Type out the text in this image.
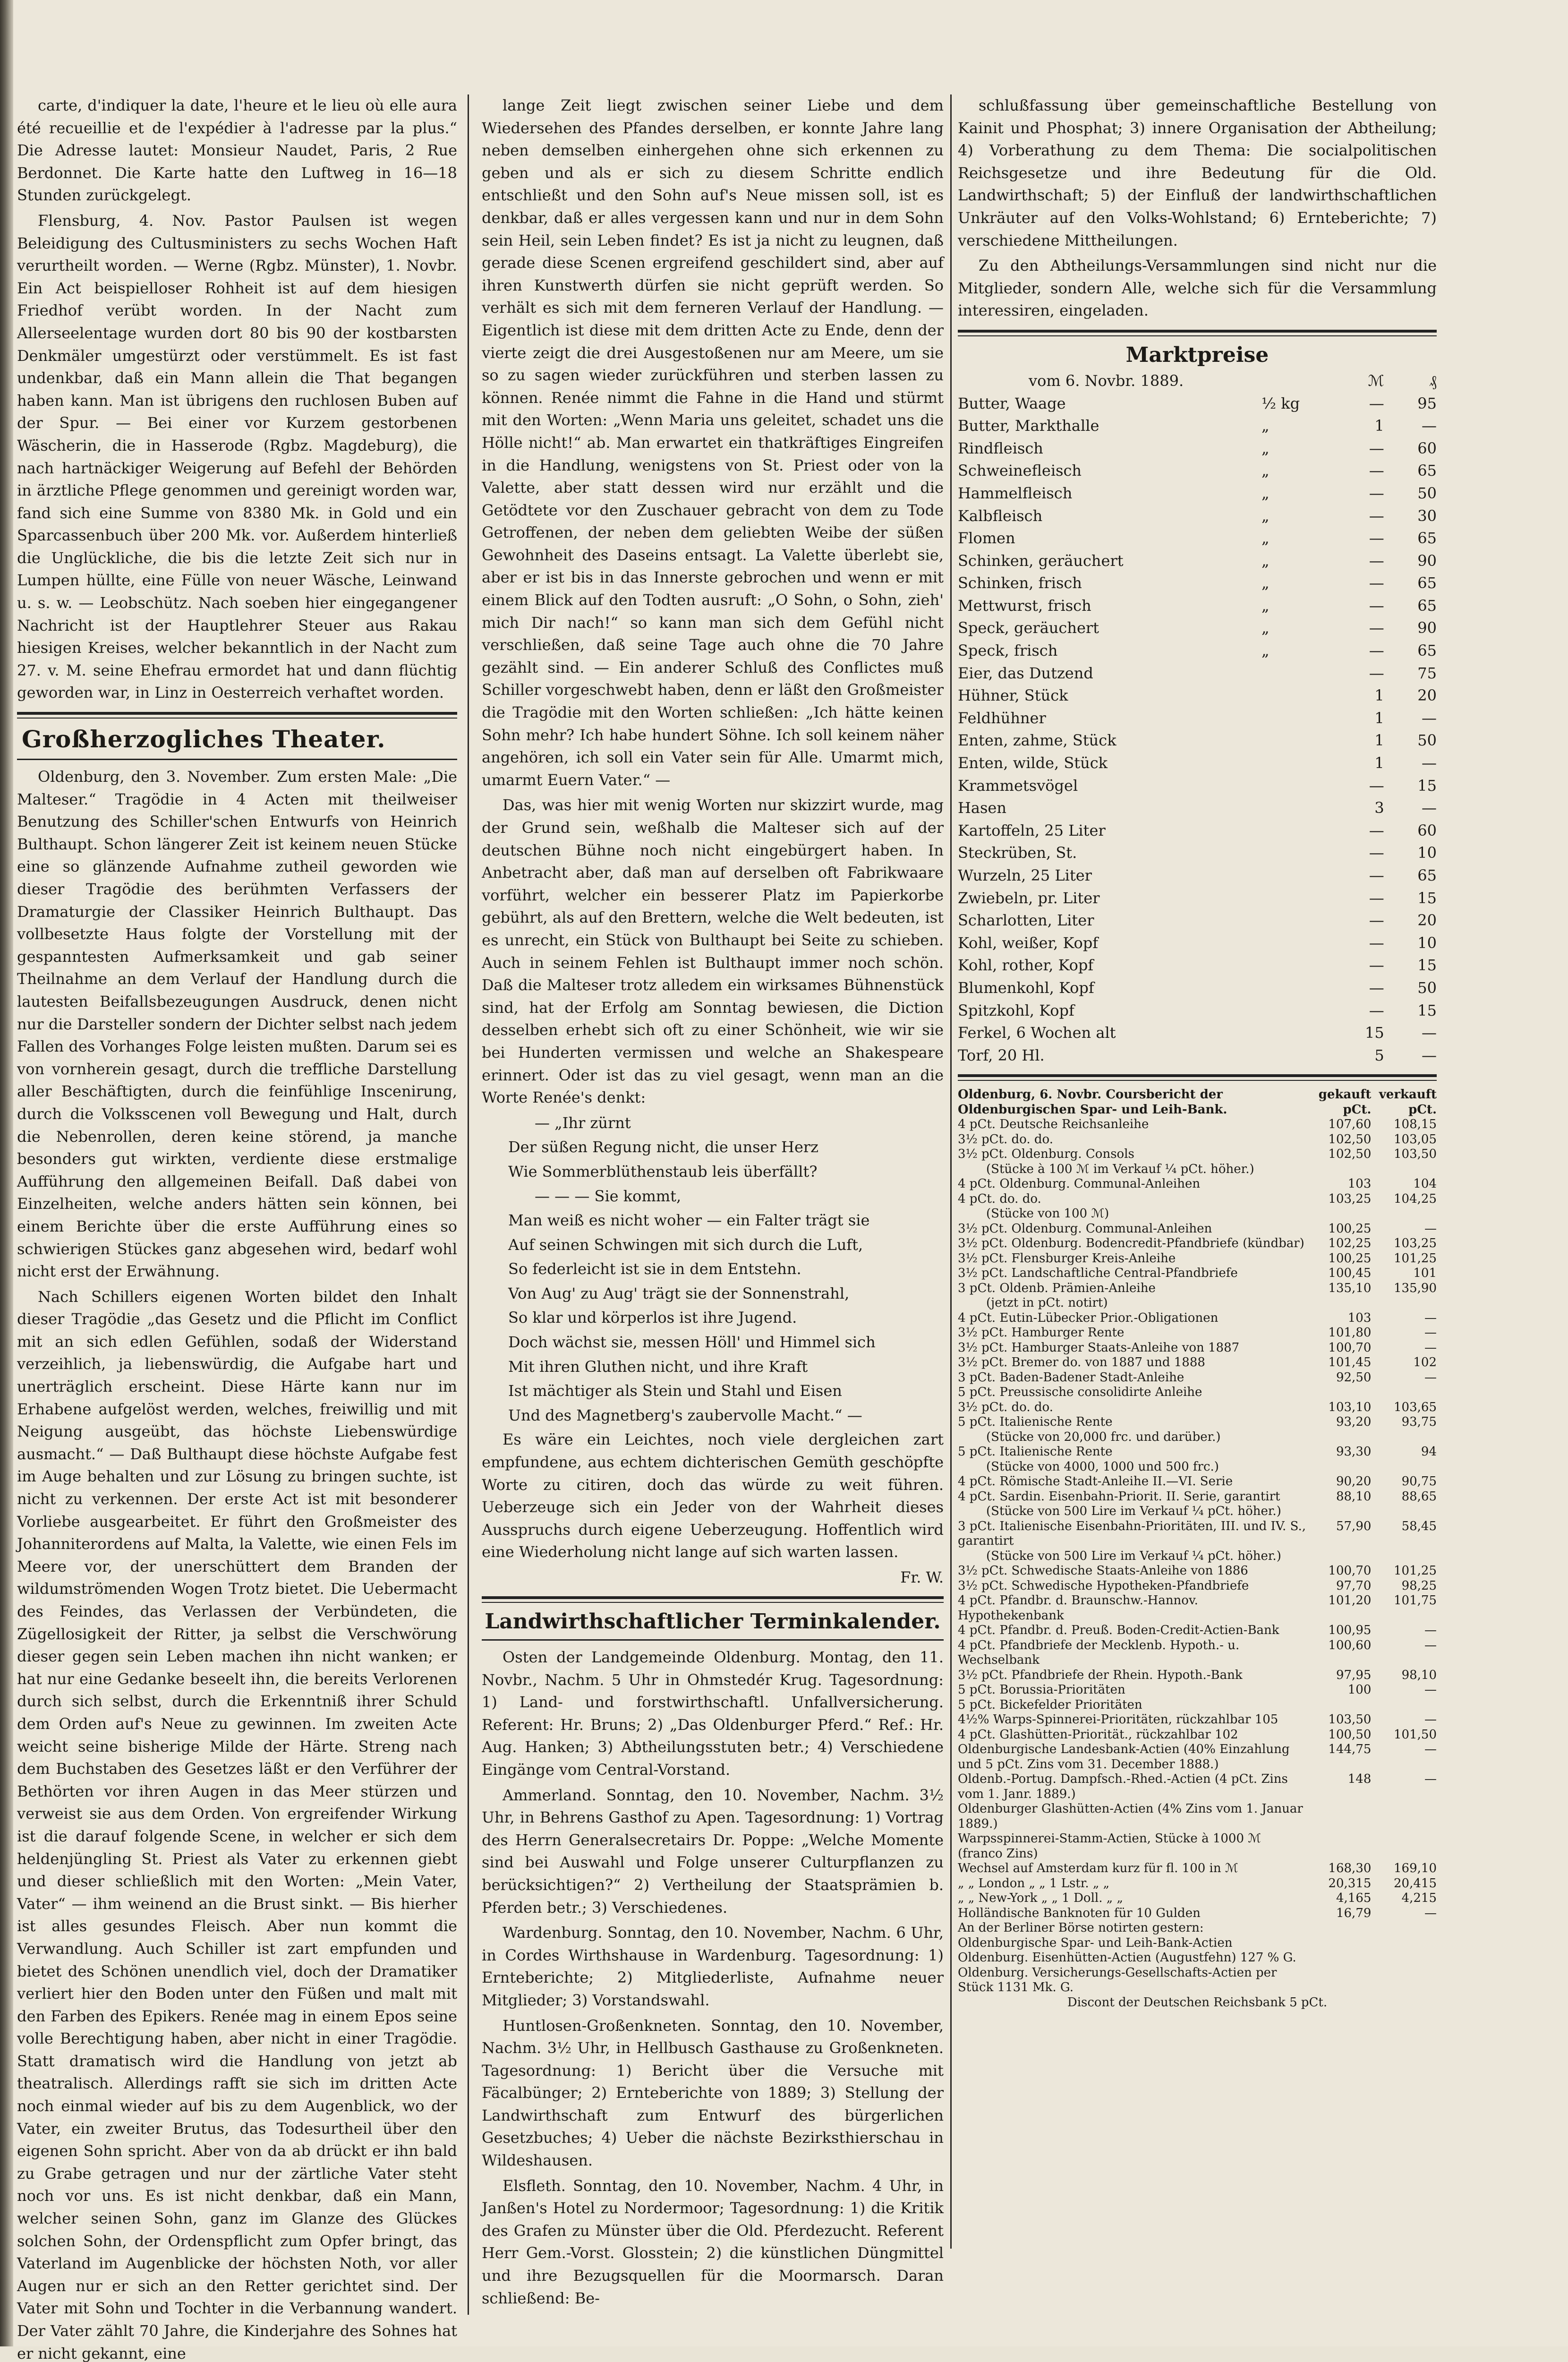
carte, d'indiquer la date, l'heure et le lieu où elle aura été recueillie et de l'expédier à l'adresse par la plus.“ Die Adresse lautet: Monsieur Naudet, Paris, 2 Rue Berdonnet. Die Karte hatte den Luftweg in 16—18 Stunden zurückgelegt.

Flensburg, 4. Nov. Pastor Paulsen ist wegen Beleidigung des Cultusministers zu sechs Wochen Haft verurtheilt worden. — Werne (Rgbz. Münster), 1. Novbr. Ein Act beispielloser Rohheit ist auf dem hiesigen Friedhof verübt worden. In der Nacht zum Allerseelentage wurden dort 80 bis 90 der kostbarsten Denkmäler umgestürzt oder verstümmelt. Es ist fast undenkbar, daß ein Mann allein die That begangen haben kann. Man ist übrigens den ruchlosen Buben auf der Spur. — Bei einer vor Kurzem gestorbenen Wäscherin, die in Hasserode (Rgbz. Magdeburg), die nach hartnäckiger Weigerung auf Befehl der Behörden in ärztliche Pflege genommen und gereinigt worden war, fand sich eine Summe von 8380 Mk. in Gold und ein Sparcassenbuch über 200 Mk. vor. Außerdem hinterließ die Unglückliche, die bis die letzte Zeit sich nur in Lumpen hüllte, eine Fülle von neuer Wäsche, Leinwand u. s. w. — Leobschütz. Nach soeben hier eingegangener Nachricht ist der Hauptlehrer Steuer aus Rakau hiesigen Kreises, welcher bekanntlich in der Nacht zum 27. v. M. seine Ehefrau ermordet hat und dann flüchtig geworden war, in Linz in Oesterreich verhaftet worden.

Großherzogliches Theater.

Oldenburg, den 3. November. Zum ersten Male: „Die Malteser.“ Tragödie in 4 Acten mit theilweiser Benutzung des Schiller'schen Entwurfs von Heinrich Bulthaupt. Schon längerer Zeit ist keinem neuen Stücke eine so glänzende Aufnahme zutheil geworden wie dieser Tragödie des berühmten Verfassers der Dramaturgie der Classiker Heinrich Bulthaupt. Das vollbesetzte Haus folgte der Vorstellung mit der gespanntesten Aufmerksamkeit und gab seiner Theilnahme an dem Verlauf der Handlung durch die lautesten Beifallsbezeugungen Ausdruck, denen nicht nur die Darsteller sondern der Dichter selbst nach jedem Fallen des Vorhanges Folge leisten mußten. Darum sei es von vornherein gesagt, durch die treffliche Darstellung aller Beschäftigten, durch die feinfühlige Inscenirung, durch die Volksscenen voll Bewegung und Halt, durch die Nebenrollen, deren keine störend, ja manche besonders gut wirkten, verdiente diese erstmalige Aufführung den allgemeinen Beifall. Daß dabei von Einzelheiten, welche anders hätten sein können, bei einem Berichte über die erste Aufführung eines so schwierigen Stückes ganz abgesehen wird, bedarf wohl nicht erst der Erwähnung.

Nach Schillers eigenen Worten bildet den Inhalt dieser Tragödie „das Gesetz und die Pflicht im Conflict mit an sich edlen Gefühlen, sodaß der Widerstand verzeihlich, ja liebenswürdig, die Aufgabe hart und unerträglich erscheint. Diese Härte kann nur im Erhabene aufgelöst werden, welches, freiwillig und mit Neigung ausgeübt, das höchste Liebenswürdige ausmacht.“ — Daß Bulthaupt diese höchste Aufgabe fest im Auge behalten und zur Lösung zu bringen suchte, ist nicht zu verkennen. Der erste Act ist mit besonderer Vorliebe ausgearbeitet. Er führt den Großmeister des Johanniterordens auf Malta, la Valette, wie einen Fels im Meere vor, der unerschüttert dem Branden der wildumströmenden Wogen Trotz bietet. Die Uebermacht des Feindes, das Verlassen der Verbündeten, die Zügellosigkeit der Ritter, ja selbst die Verschwörung dieser gegen sein Leben machen ihn nicht wanken; er hat nur eine Gedanke beseelt ihn, die bereits Verlorenen durch sich selbst, durch die Erkenntniß ihrer Schuld dem Orden auf's Neue zu gewinnen. Im zweiten Acte weicht seine bisherige Milde der Härte. Streng nach dem Buchstaben des Gesetzes läßt er den Verführer der Bethörten vor ihren Augen in das Meer stürzen und verweist sie aus dem Orden. Von ergreifender Wirkung ist die darauf folgende Scene, in welcher er sich dem heldenjüngling St. Priest als Vater zu erkennen giebt und dieser schließlich mit den Worten: „Mein Vater, Vater“ — ihm weinend an die Brust sinkt. — Bis hierher ist alles gesundes Fleisch. Aber nun kommt die Verwandlung. Auch Schiller ist zart empfunden und bietet des Schönen unendlich viel, doch der Dramatiker verliert hier den Boden unter den Füßen und malt mit den Farben des Epikers. Renée mag in einem Epos seine volle Berechtigung haben, aber nicht in einer Tragödie. Statt dramatisch wird die Handlung von jetzt ab theatralisch. Allerdings rafft sie sich im dritten Acte noch einmal wieder auf bis zu dem Augenblick, wo der Vater, ein zweiter Brutus, das Todesurtheil über den eigenen Sohn spricht. Aber von da ab drückt er ihn bald zu Grabe getragen und nur der zärtliche Vater steht noch vor uns. Es ist nicht denkbar, daß ein Mann, welcher seinen Sohn, ganz im Glanze des Glückes solchen Sohn, der Ordenspflicht zum Opfer bringt, das Vaterland im Augenblicke der höchsten Noth, vor aller Augen nur er sich an den Retter gerichtet sind. Der Vater mit Sohn und Tochter in die Verbannung wandert. Der Vater zählt 70 Jahre, die Kinderjahre des Sohnes hat er nicht gekannt, eine

lange Zeit liegt zwischen seiner Liebe und dem Wiedersehen des Pfandes derselben, er konnte Jahre lang neben demselben einhergehen ohne sich erkennen zu geben und als er sich zu diesem Schritte endlich entschließt und den Sohn auf's Neue missen soll, ist es denkbar, daß er alles vergessen kann und nur in dem Sohn sein Heil, sein Leben findet? Es ist ja nicht zu leugnen, daß gerade diese Scenen ergreifend geschildert sind, aber auf ihren Kunstwerth dürfen sie nicht geprüft werden. So verhält es sich mit dem ferneren Verlauf der Handlung. — Eigentlich ist diese mit dem dritten Acte zu Ende, denn der vierte zeigt die drei Ausgestoßenen nur am Meere, um sie so zu sagen wieder zurückführen und sterben lassen zu können. Renée nimmt die Fahne in die Hand und stürmt mit den Worten: „Wenn Maria uns geleitet, schadet uns die Hölle nicht!“ ab. Man erwartet ein thatkräftiges Eingreifen in die Handlung, wenigstens von St. Priest oder von la Valette, aber statt dessen wird nur erzählt und die Getödtete vor den Zuschauer gebracht von dem zu Tode Getroffenen, der neben dem geliebten Weibe der süßen Gewohnheit des Daseins entsagt. La Valette überlebt sie, aber er ist bis in das Innerste gebrochen und wenn er mit einem Blick auf den Todten ausruft: „O Sohn, o Sohn, zieh' mich Dir nach!“ so kann man sich dem Gefühl nicht verschließen, daß seine Tage auch ohne die 70 Jahre gezählt sind. — Ein anderer Schluß des Conflictes muß Schiller vorgeschwebt haben, denn er läßt den Großmeister die Tragödie mit den Worten schließen: „Ich hätte keinen Sohn mehr? Ich habe hundert Söhne. Ich soll keinem näher angehören, ich soll ein Vater sein für Alle. Umarmt mich, umarmt Euern Vater.“ —

Das, was hier mit wenig Worten nur skizzirt wurde, mag der Grund sein, weßhalb die Malteser sich auf der deutschen Bühne noch nicht eingebürgert haben. In Anbetracht aber, daß man auf derselben oft Fabrikwaare vorführt, welcher ein besserer Platz im Papierkorbe gebührt, als auf den Brettern, welche die Welt bedeuten, ist es unrecht, ein Stück von Bulthaupt bei Seite zu schieben. Auch in seinem Fehlen ist Bulthaupt immer noch schön. Daß die Malteser trotz alledem ein wirksames Bühnenstück sind, hat der Erfolg am Sonntag bewiesen, die Diction desselben erhebt sich oft zu einer Schönheit, wie wir sie bei Hunderten vermissen und welche an Shakespeare erinnert. Oder ist das zu viel gesagt, wenn man an die Worte Renée's denkt:

— „Ihr zürnt

Der süßen Regung nicht, die unser Herz

Wie Sommerblüthenstaub leis überfällt?

— — — Sie kommt,

Man weiß es nicht woher — ein Falter trägt sie

Auf seinen Schwingen mit sich durch die Luft,

So federleicht ist sie in dem Entstehn.

Von Aug' zu Aug' trägt sie der Sonnenstrahl,

So klar und körperlos ist ihre Jugend.

Doch wächst sie, messen Höll' und Himmel sich

Mit ihren Gluthen nicht, und ihre Kraft

Ist mächtiger als Stein und Stahl und Eisen

Und des Magnetberg's zaubervolle Macht.“ —

Es wäre ein Leichtes, noch viele dergleichen zart empfundene, aus echtem dichterischen Gemüth geschöpfte Worte zu citiren, doch das würde zu weit führen. Ueberzeuge sich ein Jeder von der Wahrheit dieses Ausspruchs durch eigene Ueberzeugung. Hoffentlich wird eine Wiederholung nicht lange auf sich warten lassen.

Fr. W.
Landwirthschaftlicher Terminkalender.

Osten der Landgemeinde Oldenburg. Montag, den 11. Novbr., Nachm. 5 Uhr in Ohmstedér Krug. Tagesordnung: 1) Land- und forstwirthschaftl. Unfallversicherung. Referent: Hr. Bruns; 2) „Das Oldenburger Pferd.“ Ref.: Hr. Aug. Hanken; 3) Abtheilungsstuten betr.; 4) Verschiedene Eingänge vom Central-Vorstand.

Ammerland. Sonntag, den 10. November, Nachm. 3½ Uhr, in Behrens Gasthof zu Apen. Tagesordnung: 1) Vortrag des Herrn Generalsecretairs Dr. Poppe: „Welche Momente sind bei Auswahl und Folge unserer Culturpflanzen zu berücksichtigen?“ 2) Vertheilung der Staatsprämien b. Pferden betr.; 3) Verschiedenes.

Wardenburg. Sonntag, den 10. November, Nachm. 6 Uhr, in Cordes Wirthshause in Wardenburg. Tagesordnung: 1) Ernteberichte; 2) Mitgliederliste, Aufnahme neuer Mitglieder; 3) Vorstandswahl.

Huntlosen-Großenkneten. Sonntag, den 10. November, Nachm. 3½ Uhr, in Hellbusch Gasthause zu Großenkneten. Tagesordnung: 1) Bericht über die Versuche mit Fäcalbünger; 2) Ernteberichte von 1889; 3) Stellung der Landwirthschaft zum Entwurf des bürgerlichen Gesetzbuches; 4) Ueber die nächste Bezirksthierschau in Wildeshausen.

Elsfleth. Sonntag, den 10. November, Nachm. 4 Uhr, in Janßen's Hotel zu Nordermoor; Tagesordnung: 1) die Kritik des Grafen zu Münster über die Old. Pferdezucht. Referent Herr Gem.-Vorst. Glosstein; 2) die künstlichen Düngmittel und ihre Bezugsquellen für die Moormarsch. Daran schließend: Be-

schlußfassung über gemeinschaftliche Bestellung von Kainit und Phosphat; 3) innere Organisation der Abtheilung; 4) Vorberathung zu dem Thema: Die socialpolitischen Reichsgesetze und ihre Bedeutung für die Old. Landwirthschaft; 5) der Einfluß der landwirthschaftlichen Unkräuter auf den Volks-Wohlstand; 6) Ernteberichte; 7) verschiedene Mittheilungen.

Zu den Abtheilungs-Versammlungen sind nicht nur die Mitglieder, sondern Alle, welche sich für die Versammlung interessiren, eingeladen.

Marktpreise
vom 6. Novbr. 1889.		ℳ	₰
Butter, Waage	½ kg	—	95
Butter, Markthalle	„	1	—
Rindfleisch	„	—	60
Schweinefleisch	„	—	65
Hammelfleisch	„	—	50
Kalbfleisch	„	—	30
Flomen	„	—	65
Schinken, geräuchert	„	—	90
Schinken, frisch	„	—	65
Mettwurst, frisch	„	—	65
Speck, geräuchert	„	—	90
Speck, frisch	„	—	65
Eier, das Dutzend		—	75
Hühner, Stück		1	20
Feldhühner		1	—
Enten, zahme, Stück		1	50
Enten, wilde, Stück		1	—
Krammetsvögel		—	15
Hasen		3	—
Kartoffeln, 25 Liter		—	60
Steckrüben, St.		—	10
Wurzeln, 25 Liter		—	65
Zwiebeln, pr. Liter		—	15
Scharlotten, Liter		—	20
Kohl, weißer, Kopf		—	10
Kohl, rother, Kopf		—	15
Blumenkohl, Kopf		—	50
Spitzkohl, Kopf		—	15
Ferkel, 6 Wochen alt		15	—
Torf, 20 Hl.		5	—
Oldenburg, 6. Novbr. Coursbericht der Oldenburgischen Spar- und Leih-Bank.	gekauft pCt.	verkauft pCt.
4 pCt. Deutsche Reichsanleihe	107,60	108,15
3½ pCt. do. do.	102,50	103,05
3½ pCt. Oldenburg. Consols	102,50	103,50
(Stücke à 100 ℳ im Verkauf ¼ pCt. höher.)		
4 pCt. Oldenburg. Communal-Anleihen	103	104
4 pCt. do. do.	103,25	104,25
(Stücke von 100 ℳ)		
3½ pCt. Oldenburg. Communal-Anleihen	100,25	—
3½ pCt. Oldenburg. Bodencredit-Pfandbriefe (kündbar)	102,25	103,25
3½ pCt. Flensburger Kreis-Anleihe	100,25	101,25
3½ pCt. Landschaftliche Central-Pfandbriefe	100,45	101
3 pCt. Oldenb. Prämien-Anleihe	135,10	135,90
(jetzt in pCt. notirt)		
4 pCt. Eutin-Lübecker Prior.-Obligationen	103	—
3½ pCt. Hamburger Rente	101,80	—
3½ pCt. Hamburger Staats-Anleihe von 1887	100,70	—
3½ pCt. Bremer do. von 1887 und 1888	101,45	102
3 pCt. Baden-Badener Stadt-Anleihe	92,50	—
5 pCt. Preussische consolidirte Anleihe		
3½ pCt. do. do.	103,10	103,65
5 pCt. Italienische Rente	93,20	93,75
(Stücke von 20,000 frc. und darüber.)		
5 pCt. Italienische Rente	93,30	94
(Stücke von 4000, 1000 und 500 frc.)		
4 pCt. Römische Stadt-Anleihe II.—VI. Serie	90,20	90,75
4 pCt. Sardin. Eisenbahn-Priorit. II. Serie, garantirt	88,10	88,65
(Stücke von 500 Lire im Verkauf ¼ pCt. höher.)		
3 pCt. Italienische Eisenbahn-Prioritäten, III. und IV. S., garantirt	57,90	58,45
(Stücke von 500 Lire im Verkauf ¼ pCt. höher.)		
3½ pCt. Schwedische Staats-Anleihe von 1886	100,70	101,25
3½ pCt. Schwedische Hypotheken-Pfandbriefe	97,70	98,25
4 pCt. Pfandbr. d. Braunschw.-Hannov. Hypothekenbank	101,20	101,75
4 pCt. Pfandbr. d. Preuß. Boden-Credit-Actien-Bank	100,95	—
4 pCt. Pfandbriefe der Mecklenb. Hypoth.- u. Wechselbank	100,60	—
3½ pCt. Pfandbriefe der Rhein. Hypoth.-Bank	97,95	98,10
5 pCt. Borussia-Prioritäten	100	—
5 pCt. Bickefelder Prioritäten		
4½% Warps-Spinnerei-Prioritäten, rückzahlbar 105	103,50	—
4 pCt. Glashütten-Priorität., rückzahlbar 102	100,50	101,50
Oldenburgische Landesbank-Actien (40% Einzahlung und 5 pCt. Zins vom 31. December 1888.)	144,75	—
Oldenb.-Portug. Dampfsch.-Rhed.-Actien (4 pCt. Zins vom 1. Janr. 1889.)	148	—
Oldenburger Glashütten-Actien (4% Zins vom 1. Januar 1889.)		
Warpsspinnerei-Stamm-Actien, Stücke à 1000 ℳ (franco Zins)		
Wechsel auf Amsterdam kurz für fl. 100 in ℳ	168,30	169,10
„ „ London „ „ 1 Lstr. „ „	20,315	20,415
„ „ New-York „ „ 1 Doll. „ „	4,165	4,215
Holländische Banknoten für 10 Gulden	16,79	—
An der Berliner Börse notirten gestern:		
Oldenburgische Spar- und Leih-Bank-Actien		
Oldenburg. Eisenhütten-Actien (Augustfehn) 127 % G.		
Oldenburg. Versicherungs-Gesellschafts-Actien per Stück 1131 Mk. G.		
Discont der Deutschen Reichsbank 5 pCt.
